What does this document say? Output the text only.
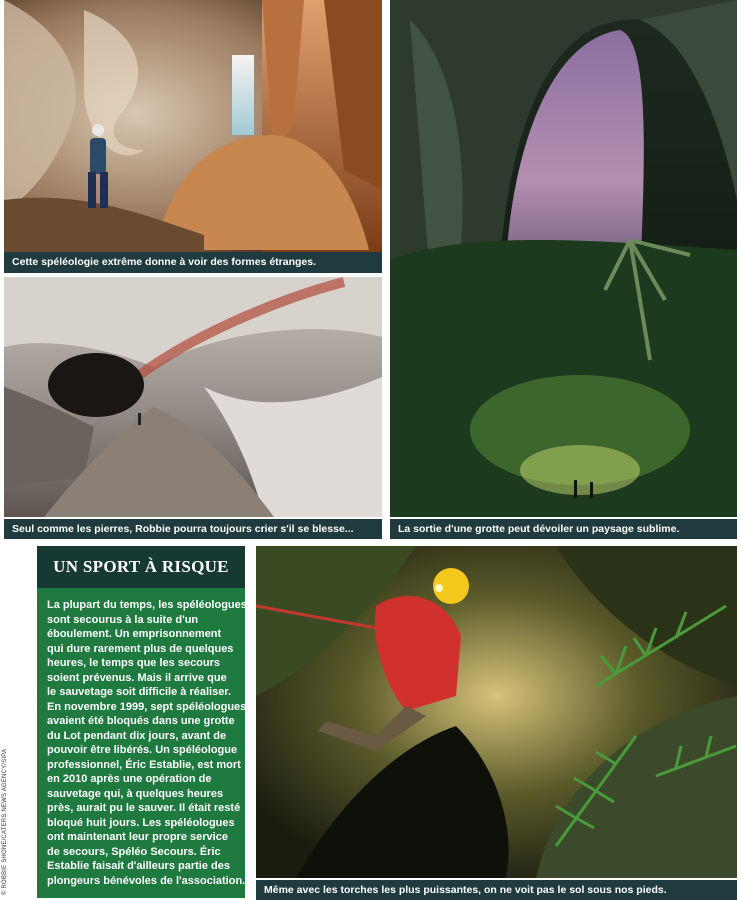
Cette spéléologie extrême donne à voir des formes étranges.
Seul comme les pierres, Robbie pourra toujours crier s'il se blesse...	La sortie d'une grotte peut dévoiler un paysage sublime.
UN SPORT À RISQUE
La plupart du temps, les spéléologues
sont secourus à la suite d'un
éboulement. Un emprisonnement
qui dure rarement plus de quelques
heures, le temps que les secours
soient prévenus. Mais il arrive que
le sauvetage soit difficile à réaliser.
En novembre 1999, sept spéléologues
avaient été bloqués dans une grotte
du Lot pendant dix jours, avant de
pouvoir être libérés. Un spéléologue
professionnel, Éric Establie, est mort
en 2010 après une opération de
sauvetage qui, à quelques heures
près, aurait pu le sauver. Il était resté
bloqué huit jours. Les spéléologues
ont maintenant leur propre service
de secours, Spéléo Secours. Éric
Establie faisait d'ailleurs partie des
plongeurs bénévoles de l'association.
Même avec les torches les plus puissantes, on ne voit pas le sol sous nos pieds.
© ROBBIE SHONE/CATERS NEWS AGENCY/SIPA
